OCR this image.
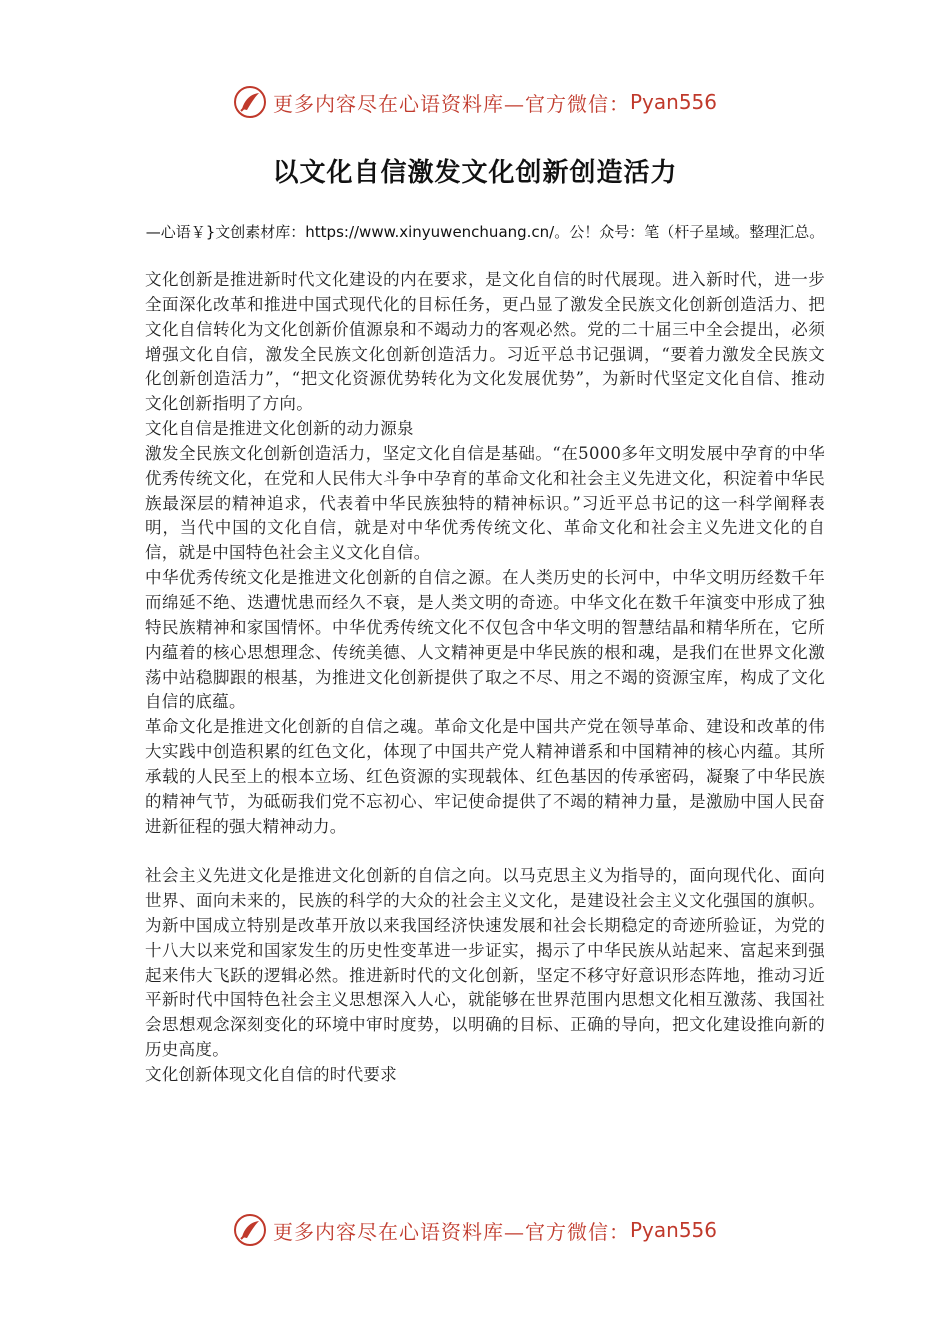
更多内容尽在心语资料库—官方微信： Pyan556
以文化自信激发文化创新创造活力
—心语￥}文创素材库：https://www.xinyuwenchuang.cn/。公！众号：笔（杆子星域。整理汇总。

文化创新是推进新时代文化建设的内在要求，是文化自信的时代展现。进入新时代，进一步全面深化改革和推进中国式现代化的目标任务，更凸显了激发全民族文化创新创造活力、把文化自信转化为文化创新价值源泉和不竭动力的客观必然。党的二十届三中全会提出，必须增强文化自信，激发全民族文化创新创造活力。习近平总书记强调，“要着力激发全民族文化创新创造活力”，“把文化资源优势转化为文化发展优势”，为新时代坚定文化自信、推动文化创新指明了方向。

文化自信是推进文化创新的动力源泉

激发全民族文化创新创造活力，坚定文化自信是基础。“在5000多年文明发展中孕育的中华优秀传统文化，在党和人民伟大斗争中孕育的革命文化和社会主义先进文化，积淀着中华民族最深层的精神追求，代表着中华民族独特的精神标识。”习近平总书记的这一科学阐释表明，当代中国的文化自信，就是对中华优秀传统文化、革命文化和社会主义先进文化的自信，就是中国特色社会主义文化自信。

中华优秀传统文化是推进文化创新的自信之源。在人类历史的长河中，中华文明历经数千年而绵延不绝、迭遭忧患而经久不衰，是人类文明的奇迹。中华文化在数千年演变中形成了独特民族精神和家国情怀。中华优秀传统文化不仅包含中华文明的智慧结晶和精华所在，它所内蕴着的核心思想理念、传统美德、人文精神更是中华民族的根和魂，是我们在世界文化激荡中站稳脚跟的根基，为推进文化创新提供了取之不尽、用之不竭的资源宝库，构成了文化自信的底蕴。

革命文化是推进文化创新的自信之魂。革命文化是中国共产党在领导革命、建设和改革的伟大实践中创造积累的红色文化，体现了中国共产党人精神谱系和中国精神的核心内蕴。其所承载的人民至上的根本立场、红色资源的实现载体、红色基因的传承密码，凝聚了中华民族的精神气节，为砥砺我们党不忘初心、牢记使命提供了不竭的精神力量，是激励中国人民奋进新征程的强大精神动力。

社会主义先进文化是推进文化创新的自信之向。以马克思主义为指导的，面向现代化、面向世界、面向未来的，民族的科学的大众的社会主义文化，是建设社会主义文化强国的旗帜。为新中国成立特别是改革开放以来我国经济快速发展和社会长期稳定的奇迹所验证，为党的十八大以来党和国家发生的历史性变革进一步证实，揭示了中华民族从站起来、富起来到强起来伟大飞跃的逻辑必然。推进新时代的文化创新，坚定不移守好意识形态阵地，推动习近平新时代中国特色社会主义思想深入人心，就能够在世界范围内思想文化相互激荡、我国社会思想观念深刻变化的环境中审时度势，以明确的目标、正确的导向，把文化建设推向新的历史高度。

文化创新体现文化自信的时代要求

更多内容尽在心语资料库—官方微信： Pyan556
